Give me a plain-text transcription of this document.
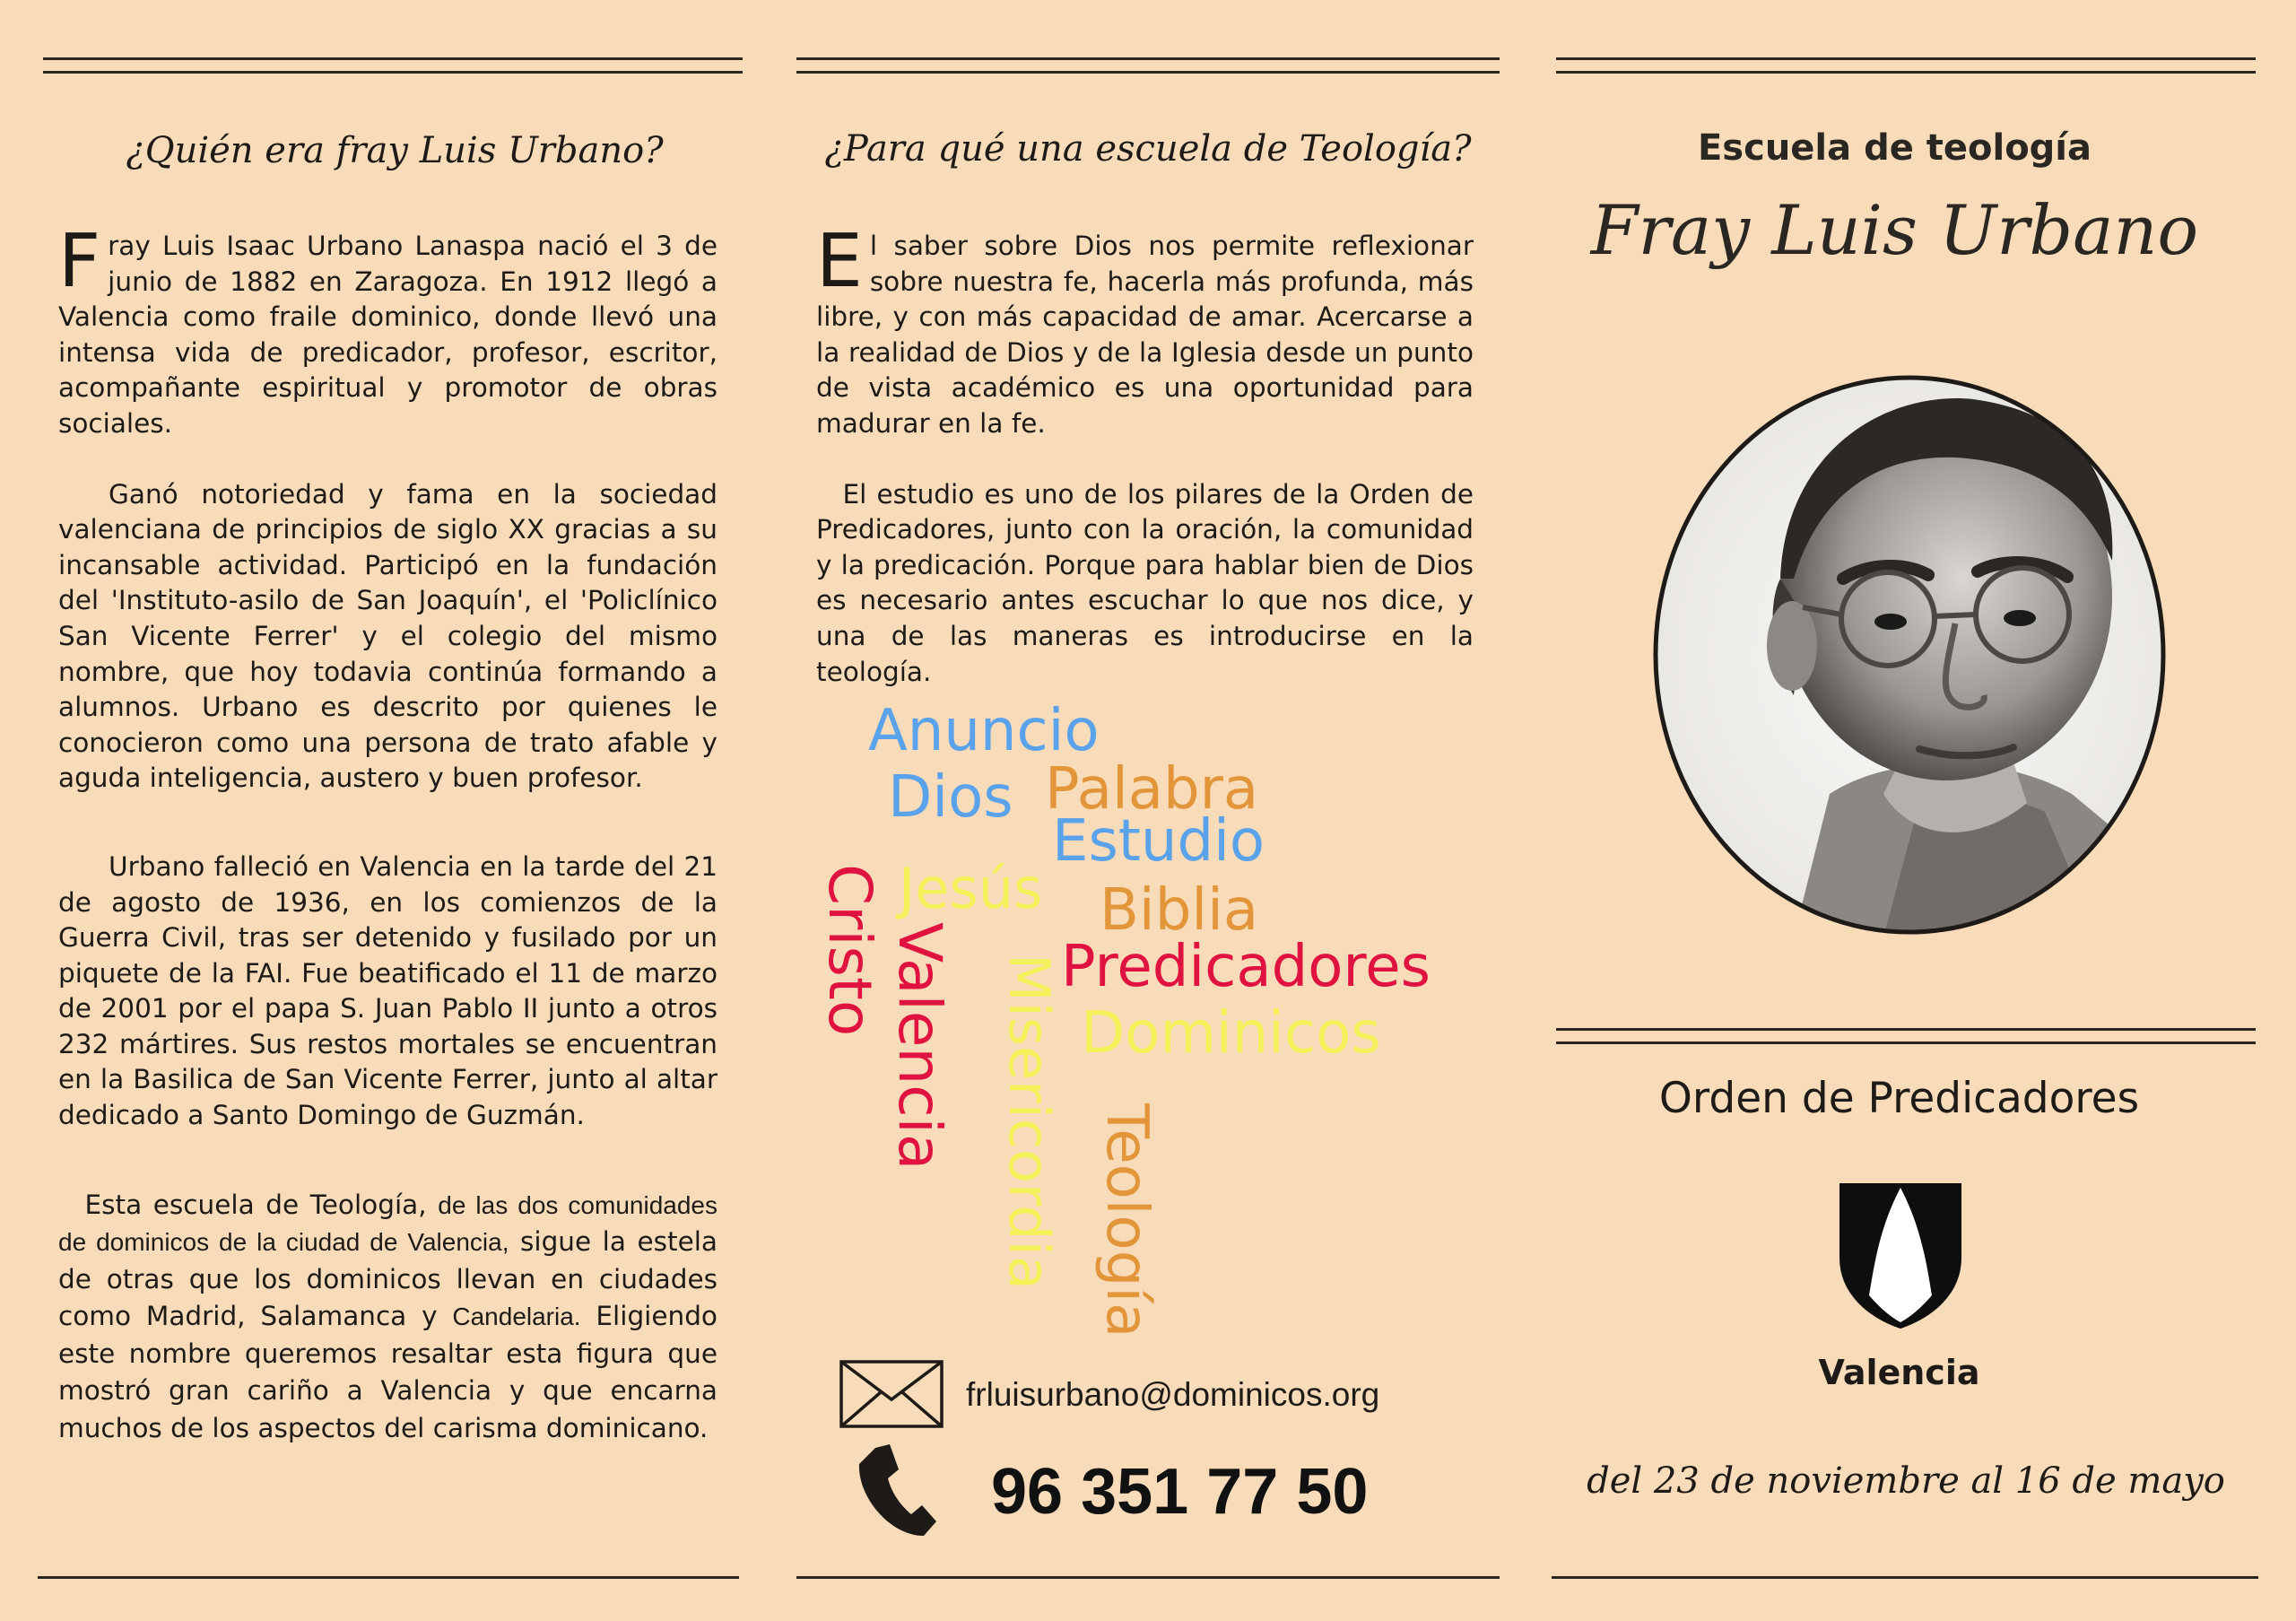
¿Quién era fray Luis Urbano?
Fray Luis Isaac Urbano Lanaspa nació el 3 de junio de 1882 en Zaragoza. En 1912 llegó a Valencia como fraile dominico, donde llevó una intensa vida de predicador, profesor, escritor, acompañante espiritual y promotor de obras sociales.

Ganó notoriedad y fama en la sociedad valenciana de principios de siglo XX gracias a su incansable actividad. Participó en la fundación del 'Instituto-asilo de San Joaquín', el 'Policlínico San Vicente Ferrer' y el colegio del mismo nombre, que hoy todavia continúa formando a alumnos. Urbano es descrito por quienes le conocieron como una persona de trato afable y aguda inteligencia, austero y buen profesor.

Urbano falleció en Valencia en la tarde del 21 de agosto de 1936, en los comienzos de la Guerra Civil, tras ser detenido y fusilado por un piquete de la FAI. Fue beatificado el 11 de marzo de 2001 por el papa S. Juan Pablo II junto a otros 232 mártires. Sus restos mortales se encuentran en la Basilica de San Vicente Ferrer, junto al altar dedicado a Santo Domingo de Guzmán.

Esta escuela de Teología, de las dos comunidades de dominicos de la ciudad de Valencia, sigue la estela de otras que los dominicos llevan en ciudades como Madrid, Salamanca y Candelaria. Eligiendo este nombre queremos resaltar esta figura que mostró gran cariño a Valencia y que encarna muchos de los aspectos del carisma dominicano.

¿Para qué una escuela de Teología?
El saber sobre Dios nos permite reflexionar sobre nuestra fe, hacerla más profunda, más libre, y con más capacidad de amar. Acercarse a la realidad de Dios y de la Iglesia desde un punto de vista académico es una oportunidad para madurar en la fe.

El estudio es uno de los pilares de la Orden de Predicadores, junto con la oración, la comunidad y la predicación. Porque para hablar bien de Dios es necesario antes escuchar lo que nos dice, y una de las maneras es introducirse en la teología.

Anuncio
Dios Palabra
Estudio
Jesús Biblia
Predicadores
Dominicos
Cristo Valencia Misericordia Teología
frluisurbano@dominicos.org
96 351 77 50
Escuela de teología
Fray Luis Urbano
Orden de Predicadores
Valencia
del 23 de noviembre al 16 de mayo
